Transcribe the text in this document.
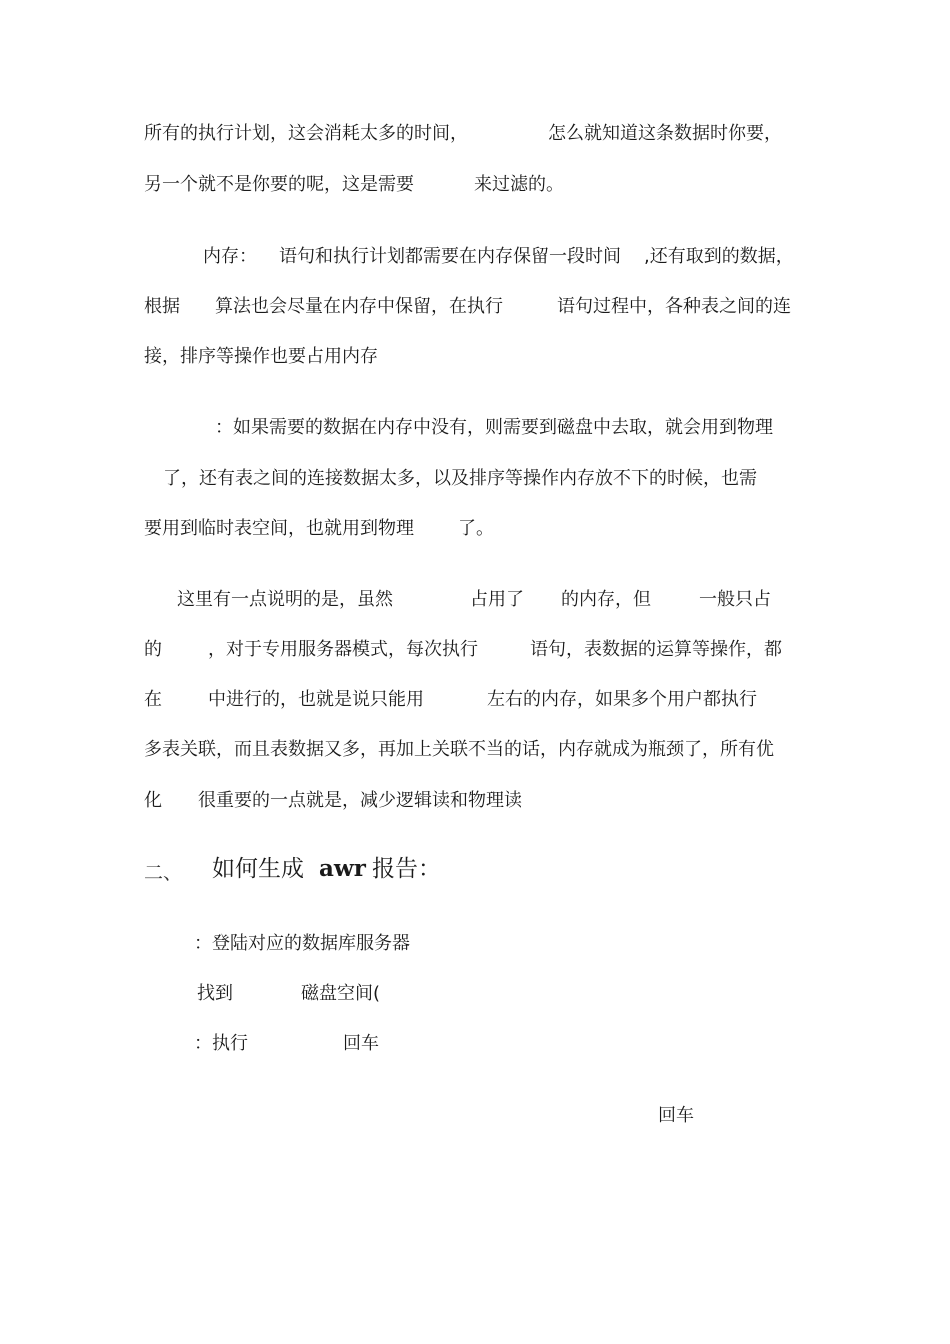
所有的执行计划，这会消耗太多的时间，	怎么就知道这条数据时你要，
另一个就不是你要的呢，这是需要	来过滤的。
内存： 语句和执行计划都需要在内存保留一段时间 ,还有取到的数据，
根据 算法也会尽量在内存中保留，在执行	语句过程中，各种表之间的连
接，排序等操作也要占用内存
：如果需要的数据在内存中没有，则需要到磁盘中去取，就会用到物理
了，还有表之间的连接数据太多，以及排序等操作内存放不下的时候，也需
要用到临时表空间，也就用到物理 了。
这里有一点说明的是，虽然	占用了 的内存，但	一般只占
的	，对于专用服务器模式，每次执行	语句，表数据的运算等操作，都
在	中进行的，也就是说只能用	左右的内存，如果多个用户都执行
多表关联，而且表数据又多，再加上关联不当的话，内存就成为瓶颈了，所有优
化 很重要的一点就是，减少逻辑读和物理读
二、 如何生成 awr 报告：
：登陆对应的数据库服务器
找到	磁盘空间(
：执行	回车
回车
